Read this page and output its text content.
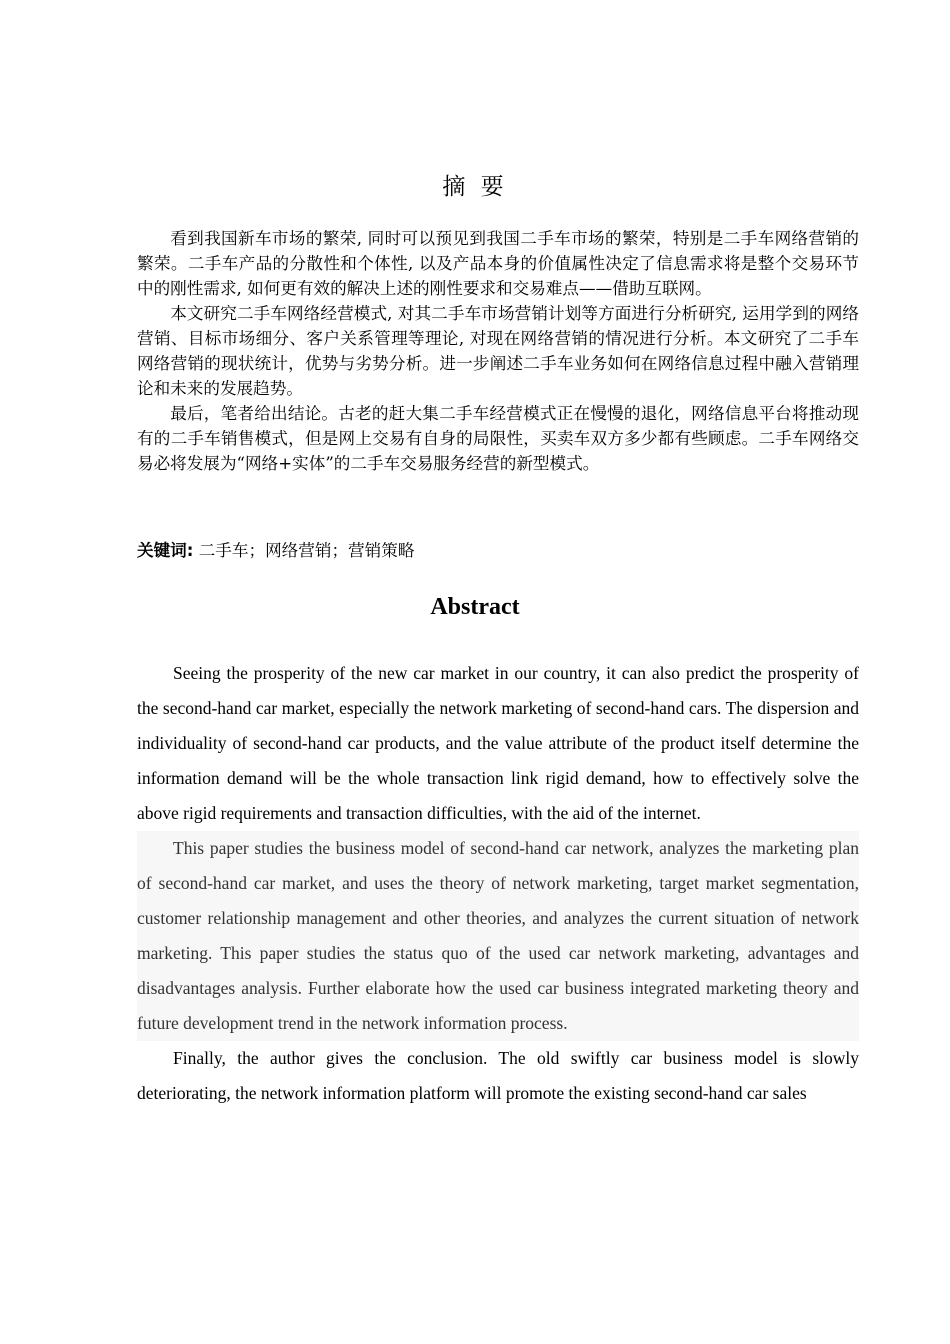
摘 要

看到我国新车市场的繁荣, 同时可以预见到我国二手车市场的繁荣，特别是二手车网络营销的繁荣。二手车产品的分散性和个体性, 以及产品本身的价值属性决定了信息需求将是整个交易环节中的刚性需求, 如何更有效的解决上述的刚性要求和交易难点——借助互联网。

本文研究二手车网络经营模式, 对其二手车市场营销计划等方面进行分析研究, 运用学到的网络营销、目标市场细分、客户关系管理等理论, 对现在网络营销的情况进行分析。本文研究了二手车网络营销的现状统计，优势与劣势分析。进一步阐述二手车业务如何在网络信息过程中融入营销理论和未来的发展趋势。

最后，笔者给出结论。古老的赶大集二手车经营模式正在慢慢的退化，网络信息平台将推动现有的二手车销售模式，但是网上交易有自身的局限性，买卖车双方多少都有些顾虑。二手车网络交易必将发展为“网络+实体”的二手车交易服务经营的新型模式。

关键词: 二手车；网络营销；营销策略
Abstract

Seeing the prosperity of the new car market in our country, it can also predict the prosperity of the second-hand car market, especially the network marketing of second-hand cars. The dispersion and individuality of second-hand car products, and the value attribute of the product itself determine the information demand will be the whole transaction link rigid demand, how to effectively solve the above rigid requirements and transaction difficulties, with the aid of the internet.

This paper studies the business model of second-hand car network, analyzes the marketing plan of second-hand car market, and uses the theory of network marketing, target market segmentation, customer relationship management and other theories, and analyzes the current situation of network marketing. This paper studies the status quo of the used car network marketing, advantages and disadvantages analysis. Further elaborate how the used car business integrated marketing theory and future development trend in the network information process.

Finally, the author gives the conclusion. The old swiftly car business model is slowly deteriorating, the network information platform will promote the existing second-hand car sales
